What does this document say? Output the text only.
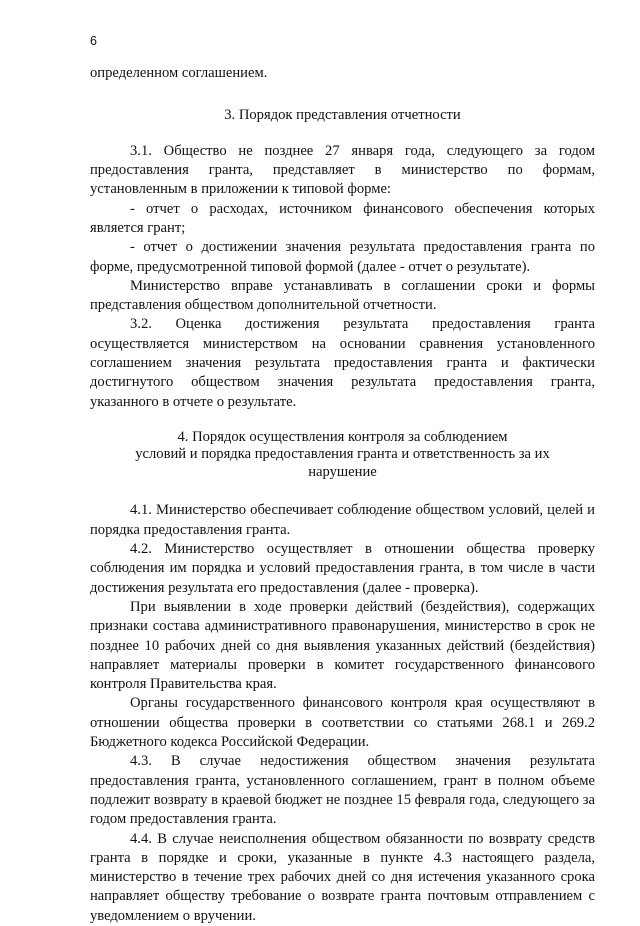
6

определенном соглашением.

3. Порядок представления отчетности

3.1. Общество не позднее 27 января года, следующего за годом предоставления гранта, представляет в министерство по формам, установленным в приложении к типовой форме:

- отчет о расходах, источником финансового обеспечения которых является грант;

- отчет о достижении значения результата предоставления гранта по форме, предусмотренной типовой формой (далее - отчет о результате).

Министерство вправе устанавливать в соглашении сроки и формы представления обществом дополнительной отчетности.

3.2. Оценка достижения результата предоставления гранта осуществляется министерством на основании сравнения установленного соглашением значения результата предоставления гранта и фактически достигнутого обществом значения результата предоставления гранта, указанного в отчете о результате.

4. Порядок осуществления контроля за соблюдением
условий и порядка предоставления гранта и ответственность за их
нарушение

4.1. Министерство обеспечивает соблюдение обществом условий, целей и порядка предоставления гранта.

4.2. Министерство осуществляет в отношении общества проверку соблюдения им порядка и условий предоставления гранта, в том числе в части достижения результата его предоставления (далее - проверка).

При выявлении в ходе проверки действий (бездействия), содержащих признаки состава административного правонарушения, министерство в срок не позднее 10 рабочих дней со дня выявления указанных действий (бездействия) направляет материалы проверки в комитет государственного финансового контроля Правительства края.

Органы государственного финансового контроля края осуществляют в отношении общества проверки в соответствии со статьями 268.1 и 269.2 Бюджетного кодекса Российской Федерации.

4.3. В случае недостижения обществом значения результата предоставления гранта, установленного соглашением, грант в полном объеме подлежит возврату в краевой бюджет не позднее 15 февраля года, следующего за годом предоставления гранта.

4.4. В случае неисполнения обществом обязанности по возврату средств гранта в порядке и сроки, указанные в пункте 4.3 настоящего раздела, министерство в течение трех рабочих дней со дня истечения указанного срока направляет обществу требование о возврате гранта почтовым отправлением с уведомлением о вручении.
